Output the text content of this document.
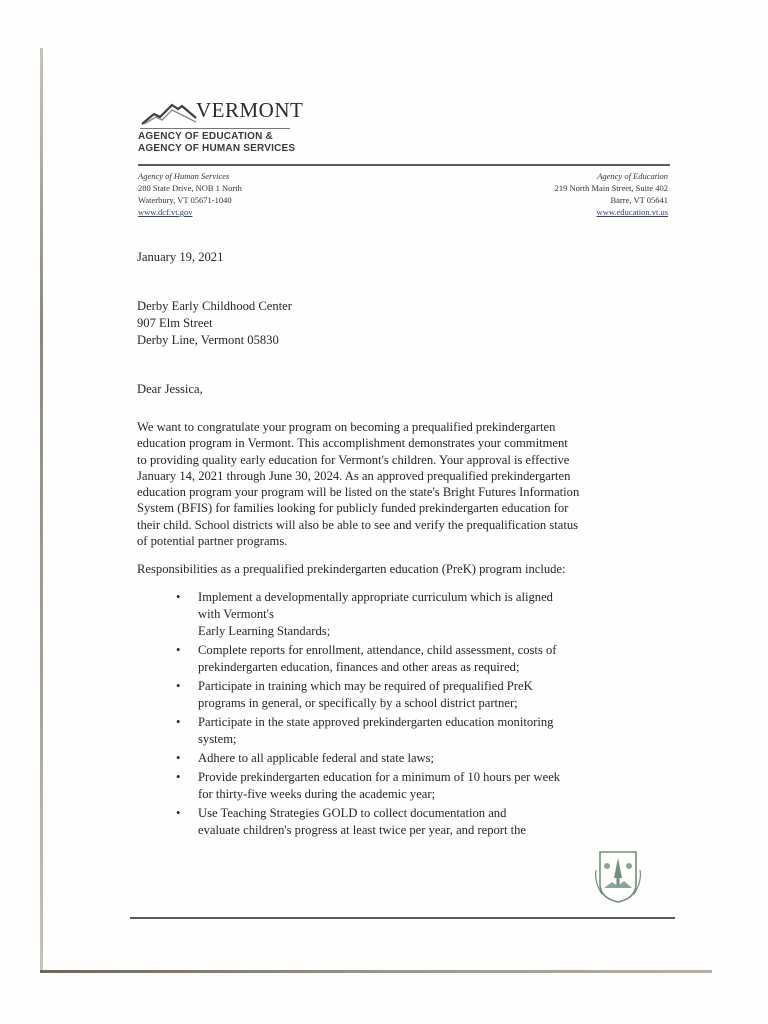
VERMONT
AGENCY OF EDUCATION &
AGENCY OF HUMAN SERVICES
Agency of Human Services
280 State Drive, NOB 1 North
Waterbury, VT 05671-1040
www.dcf.vt.gov
Agency of Education
219 North Main Street, Suite 402
Barre, VT 05641
www.education.vt.us
January 19, 2021
Derby Early Childhood Center
907 Elm Street
Derby Line, Vermont 05830
Dear Jessica,
We want to congratulate your program on becoming a prequalified prekindergarten
education program in Vermont. This accomplishment demonstrates your commitment
to providing quality early education for Vermont's children. Your approval is effective
January 14, 2021 through June 30, 2024. As an approved prequalified prekindergarten
education program your program will be listed on the state's Bright Futures Information
System (BFIS) for families looking for publicly funded prekindergarten education for
their child. School districts will also be able to see and verify the prequalification status
of potential partner programs.
Responsibilities as a prequalified prekindergarten education (PreK) program include:
• Implement a developmentally appropriate curriculum which is aligned
with Vermont's
Early Learning Standards;
• Complete reports for enrollment, attendance, child assessment, costs of
prekindergarten education, finances and other areas as required;
• Participate in training which may be required of prequalified PreK
programs in general, or specifically by a school district partner;
• Participate in the state approved prekindergarten education monitoring
system;
• Adhere to all applicable federal and state laws;
• Provide prekindergarten education for a minimum of 10 hours per week
for thirty-five weeks during the academic year;
• Use Teaching Strategies GOLD to collect documentation and
evaluate children's progress at least twice per year, and report the
